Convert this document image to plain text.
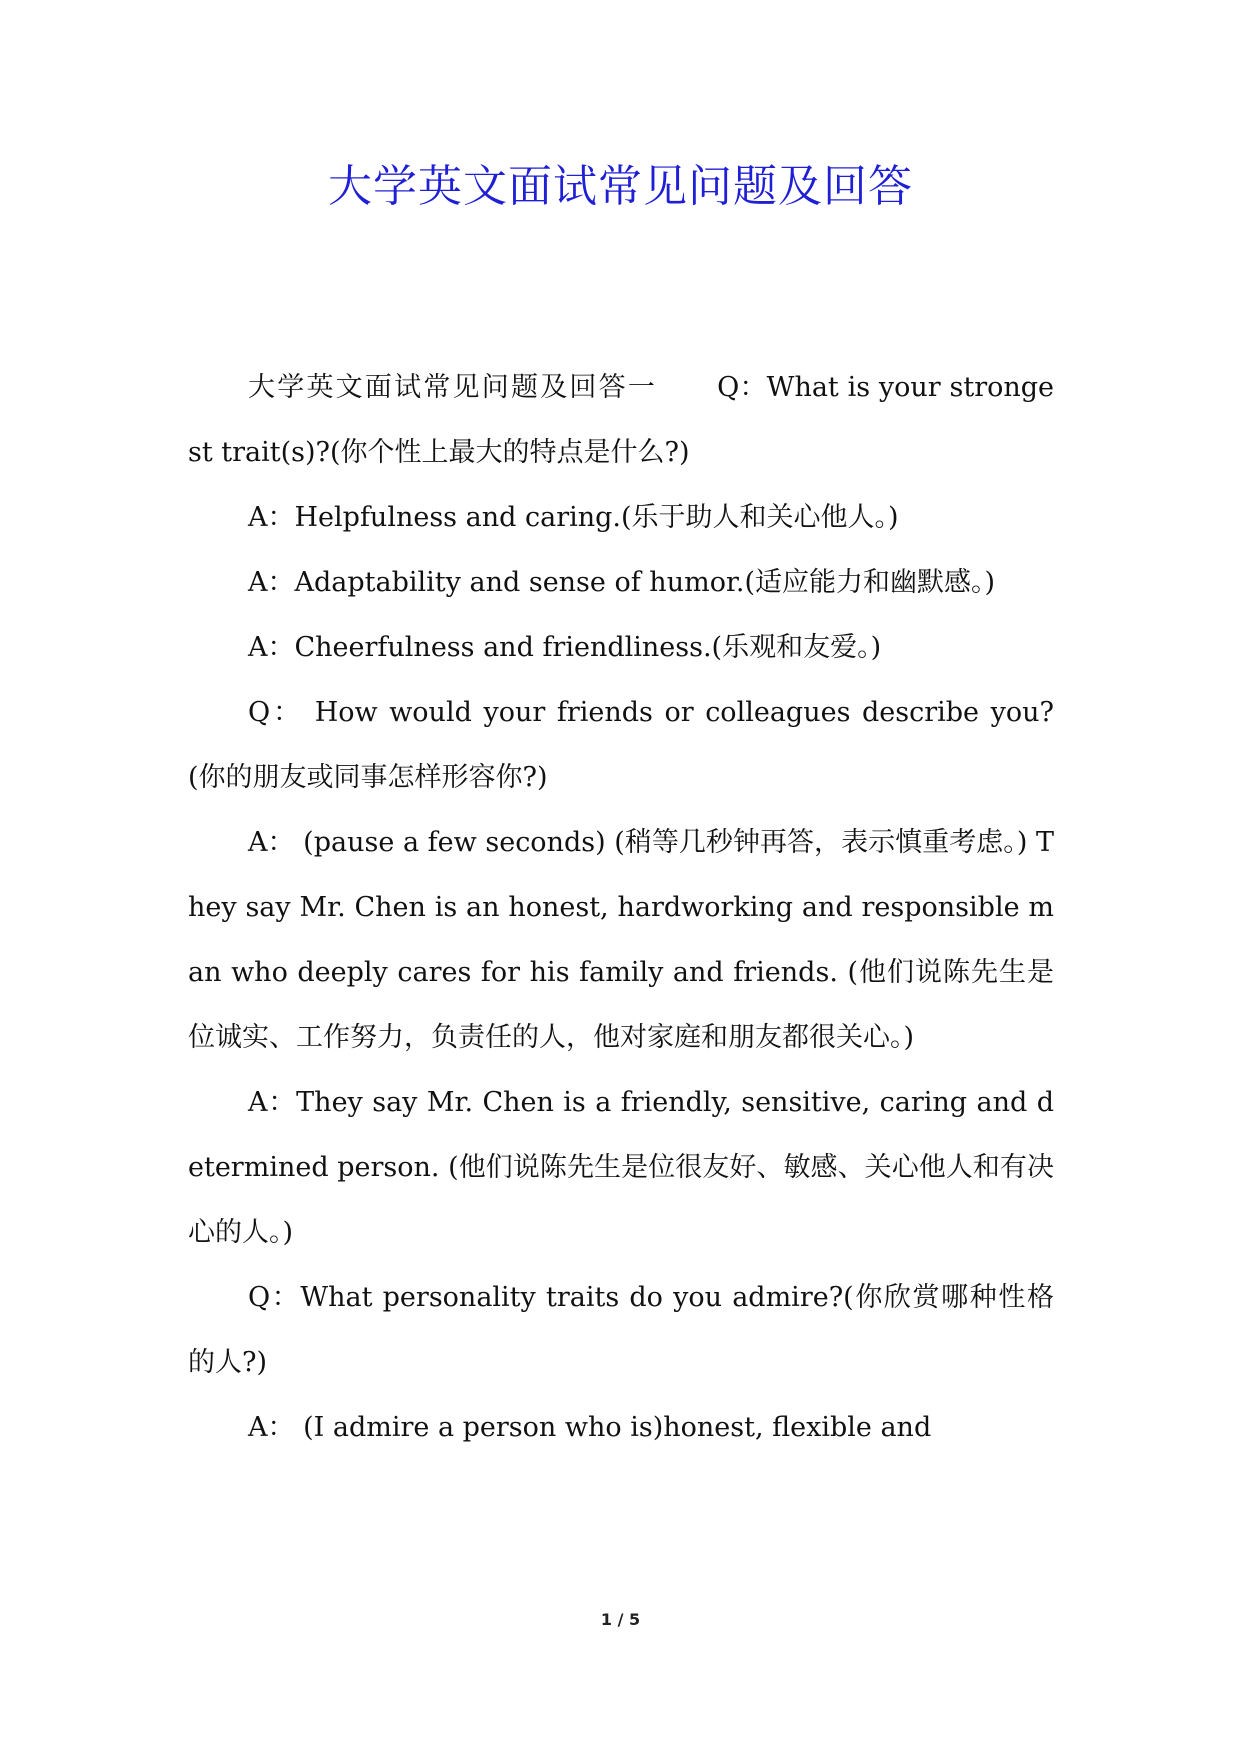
大学英文面试常见问题及回答

大学英文面试常见问题及回答一 Q：What is your strongest trait(s)?(你个性上最大的特点是什么?)

A：Helpfulness and caring.(乐于助人和关心他人。)

A：Adaptability and sense of humor.(适应能力和幽默感。)

A：Cheerfulness and friendliness.(乐观和友爱。)

Q： How would your friends or colleagues describe you?(你的朋友或同事怎样形容你?)

A： (pause a few seconds) (稍等几秒钟再答，表示慎重考虑。) They say Mr. Chen is an honest, hardworking and responsible man who deeply cares for his family and friends. (他们说陈先生是位诚实、工作努力，负责任的人，他对家庭和朋友都很关心。)

A：They say Mr. Chen is a friendly, sensitive, caring and determined person. (他们说陈先生是位很友好、敏感、关心他人和有决心的人。)

Q：What personality traits do you admire?(你欣赏哪种性格的人?)

A： (I admire a person who is)honest, flexible and

1 / 5
